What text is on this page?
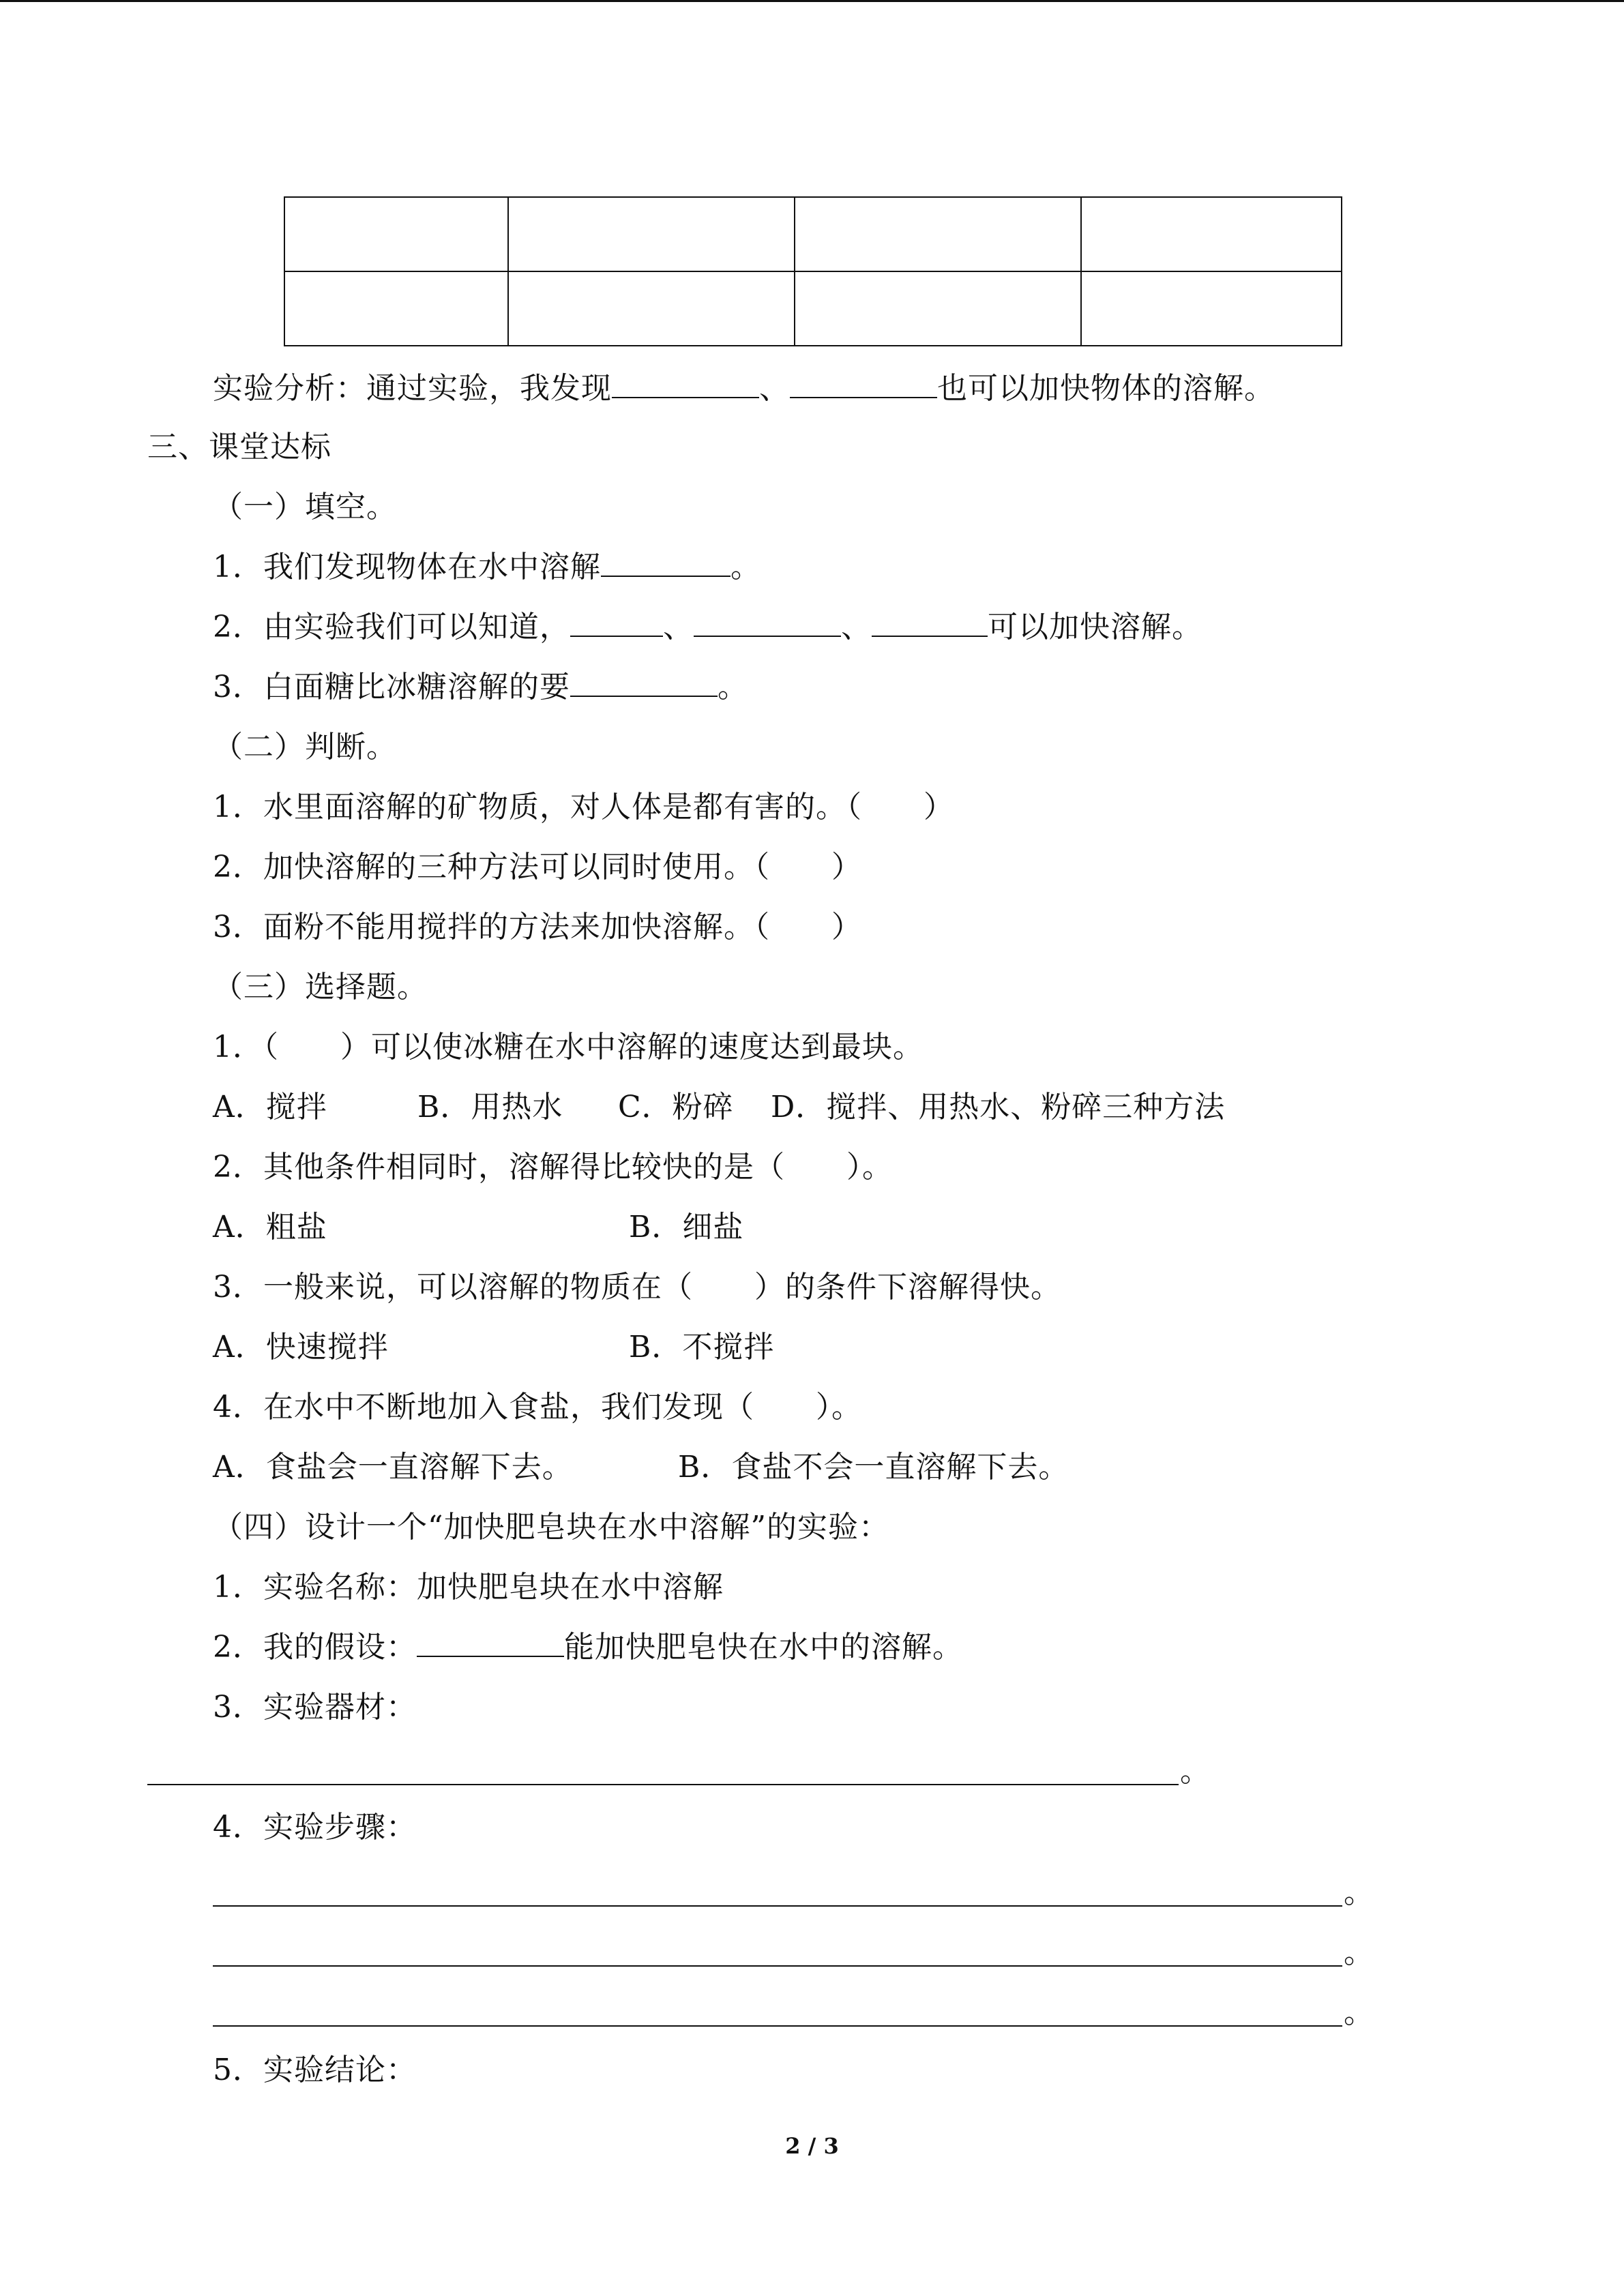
实验分析：通过实验，我发现	、	也可以加快物体的溶解。
三、课堂达标
（一）填空。
1．我们发现物体在水中溶解	。
2．由实验我们可以知道，	、	、	可以加快溶解。
3．白面糖比冰糖溶解的要	。
（二）判断。
1．水里面溶解的矿物质，对人体是都有害的。（　　）
2．加快溶解的三种方法可以同时使用。（　　）
3．面粉不能用搅拌的方法来加快溶解。（　　）
（三）选择题。
1．（　　）可以使冰糖在水中溶解的速度达到最块。
A．搅拌	B．用热水 C．粉碎 D．搅拌、用热水、粉碎三种方法
2．其他条件相同时，溶解得比较快的是（　　）。
A．粗盐	B．细盐
3．一般来说，可以溶解的物质在（　　）的条件下溶解得快。
A．快速搅拌	B．不搅拌
4．在水中不断地加入食盐，我们发现（　　）。
A．食盐会一直溶解下去。	B．食盐不会一直溶解下去。
（四）设计一个“加快肥皂块在水中溶解”的实验：
1．实验名称：加快肥皂块在水中溶解
2．我的假设：	能加快肥皂快在水中的溶解。
3．实验器材：
。
4．实验步骤：
。
。
。
5．实验结论：
2 / 3
